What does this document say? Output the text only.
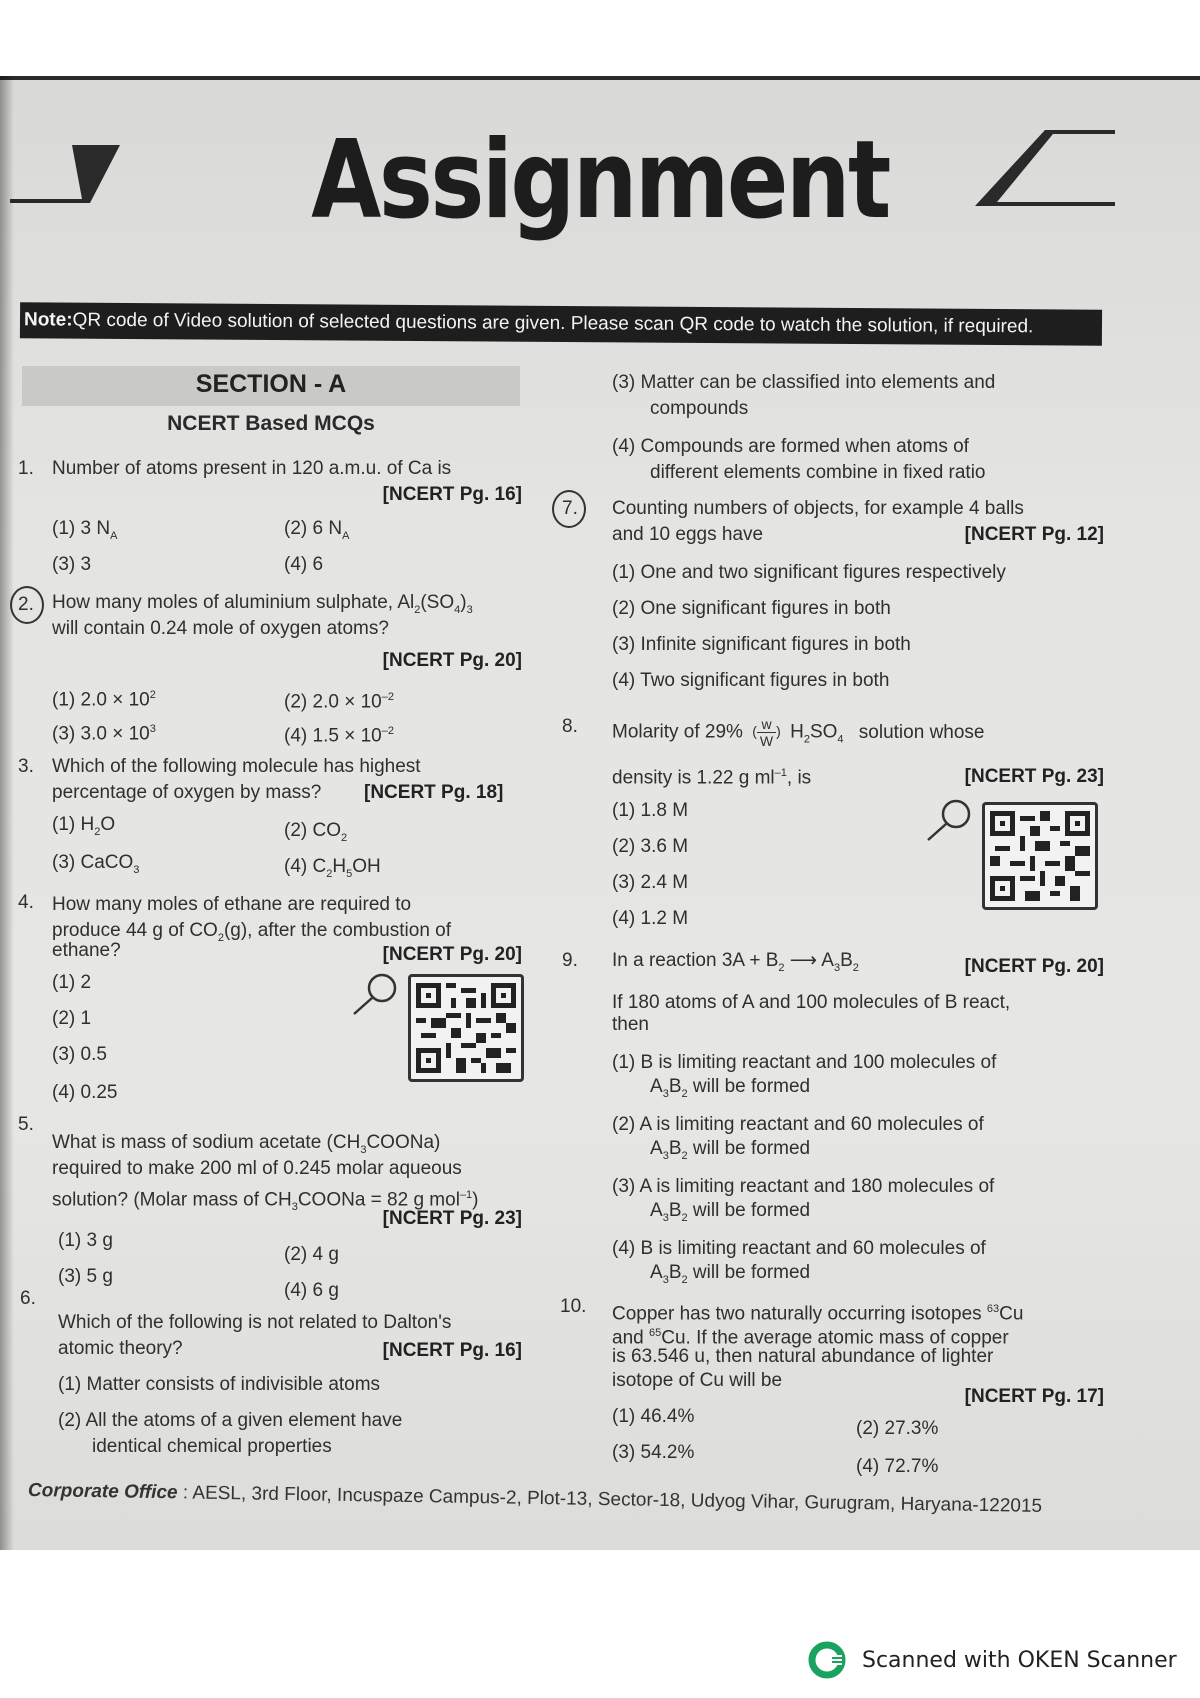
Assignment
Note:QR code of Video solution of selected questions are given. Please scan QR code to watch the solution, if required.
SECTION - A
NCERT Based MCQs
1. Number of atoms present in 120 a.m.u. of Ca is
[NCERT Pg. 16]
(1) 3 $N_A$	(2) 6 $N_A$
(3) 3	(4) 6
2. How many moles of aluminium sulphate, $Al_2(SO_4)_3$
will contain 0.24 mole of oxygen atoms?
[NCERT Pg. 20]
(1) $2.0 \times 10^2$	(2) $2.0 \times 10^{-2}$
(3) $3.0 \times 10^3$	(4) $1.5 \times 10^{-2}$
3. Which of the following molecule has highest
percentage of oxygen by mass? [NCERT Pg. 18]
(1) $H_2O$	(2) $CO_2$
(3) CaCO$_3$	(4) $C_2H_5OH$
4. How many moles of ethane are required to
produce 44 g of $CO_2(g)$, after the combustion of
ethane?	[NCERT Pg. 20]
(1) 2
(2) 1
(3) 0.5
(4) 0.25
5.
What is mass of sodium acetate $(CH_3COONa)$
required to make 200 ml of 0.245 molar aqueous
solution? (Molar mass of $CH_3COONa = 82$ g mol$^{-1}$)
[NCERT Pg. 23]
(1) 3 g
(2) 4 g
(3) 5 g
(4) 6 g
6.
Which of the following is not related to Dalton's
atomic theory?	[NCERT Pg. 16]
(1) Matter consists of indivisible atoms
(2) All the atoms of a given element have
identical chemical properties
(3) Matter can be classified into elements and
compounds
(4) Compounds are formed when atoms of
different elements combine in fixed ratio
7. Counting numbers of objects, for example 4 balls
and 10 eggs have	[NCERT Pg. 12]
(1) One and two significant figures respectively
(2) One significant figures in both
(3) Infinite significant figures in both
(4) Two significant figures in both
8. Molarity of 29% ( $\frac{w}{W}$ ) $H_2SO_4$ solution whose
density is 1.22 g $ml^{-1}$, is	[NCERT Pg. 23]
(1) 1.8 M
(2) 3.6 M
(3) 2.4 M
(4) 1.2 M
9. In a reaction $3A + B_2$ ⟶ $A_3B_2$	[NCERT Pg. 20]
If 180 atoms of A and 100 molecules of B react,
then
(1) B is limiting reactant and 100 molecules of
$A_3B_2$ will be formed
(2) A is limiting reactant and 60 molecules of
$A_3B_2$ will be formed
(3) A is limiting reactant and 180 molecules of
$A_3B_2$ will be formed
(4) B is limiting reactant and 60 molecules of
$A_3B_2$ will be formed
10. Copper has two naturally occurring isotopes $^{63}$Cu
and $^{65}$Cu. If the average atomic mass of copper
is 63.546 u, then natural abundance of lighter
isotope of Cu will be
[NCERT Pg. 17]
(1) 46.4%
(2) 27.3%
(3) 54.2%
(4) 72.7%
Corporate Office : AESL, 3rd Floor, Incuspaze Campus-2, Plot-13, Sector-18, Udyog Vihar, Gurugram, Haryana-122015
Scanned with OKEN Scanner
